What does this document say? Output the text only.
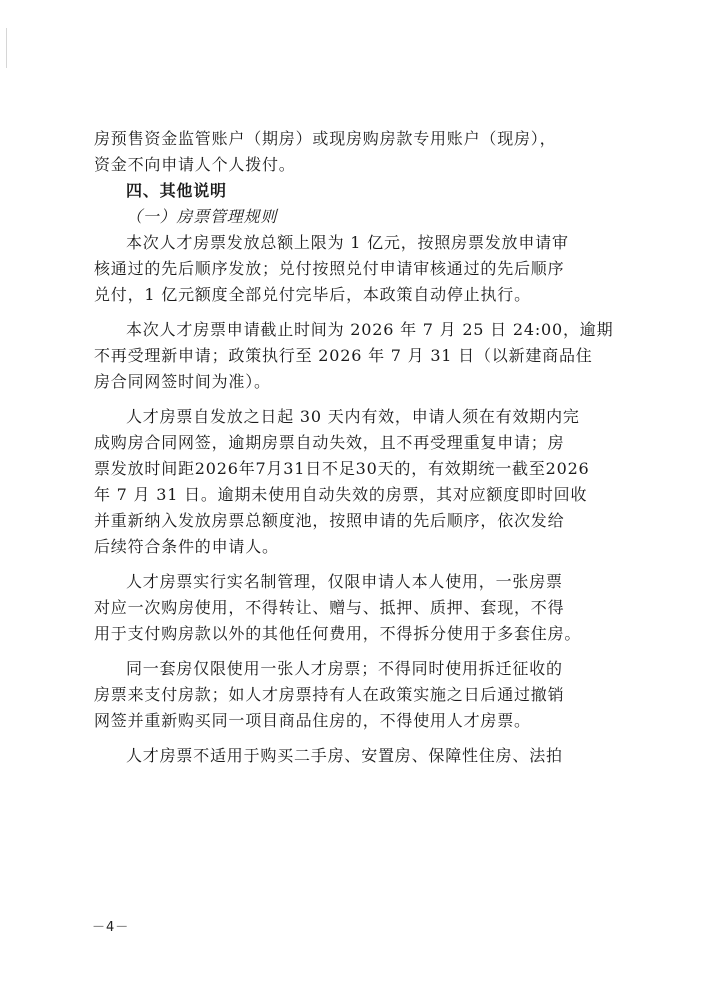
房预售资金监管账户（期房）或现房购房款专用账户（现房），
资金不向申请人个人拨付。
四、其他说明
（一）房票管理规则
本次人才房票发放总额上限为 1 亿元，按照房票发放申请审
核通过的先后顺序发放；兑付按照兑付申请审核通过的先后顺序
兑付，1 亿元额度全部兑付完毕后，本政策自动停止执行。
本次人才房票申请截止时间为 2026 年 7 月 25 日 24:00，逾期
不再受理新申请；政策执行至 2026 年 7 月 31 日（以新建商品住
房合同网签时间为准）。
人才房票自发放之日起 30 天内有效，申请人须在有效期内完
成购房合同网签，逾期房票自动失效，且不再受理重复申请；房
票发放时间距2026年7月31日不足30天的，有效期统一截至2026
年 7 月 31 日。逾期未使用自动失效的房票，其对应额度即时回收
并重新纳入发放房票总额度池，按照申请的先后顺序，依次发给
后续符合条件的申请人。
人才房票实行实名制管理，仅限申请人本人使用，一张房票
对应一次购房使用，不得转让、赠与、抵押、质押、套现，不得
用于支付购房款以外的其他任何费用，不得拆分使用于多套住房。
同一套房仅限使用一张人才房票；不得同时使用拆迁征收的
房票来支付房款；如人才房票持有人在政策实施之日后通过撤销
网签并重新购买同一项目商品住房的，不得使用人才房票。
人才房票不适用于购买二手房、安置房、保障性住房、法拍
－4－
